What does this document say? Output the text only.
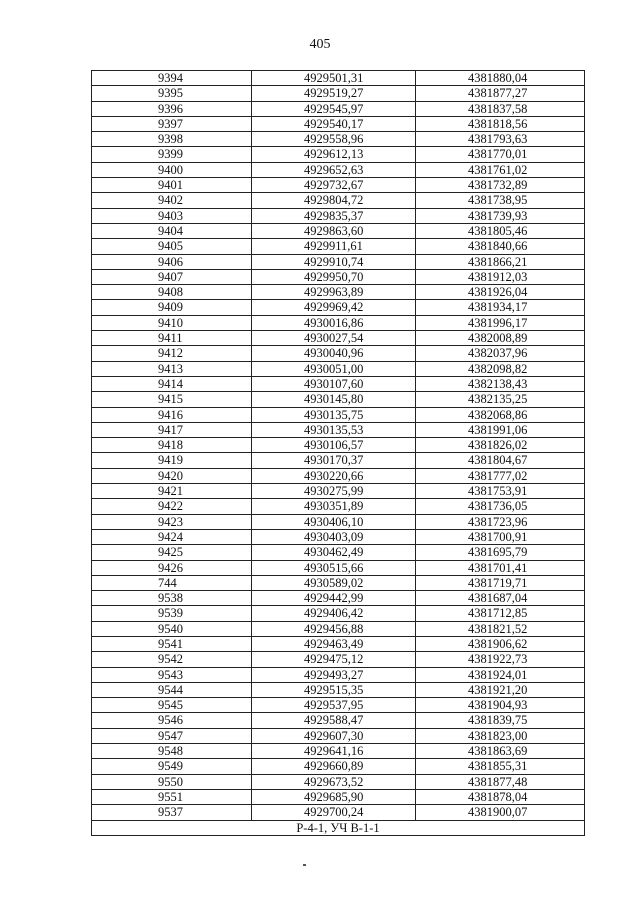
405
9394	4929501,31	4381880,04
9395	4929519,27	4381877,27
9396	4929545,97	4381837,58
9397	4929540,17	4381818,56
9398	4929558,96	4381793,63
9399	4929612,13	4381770,01
9400	4929652,63	4381761,02
9401	4929732,67	4381732,89
9402	4929804,72	4381738,95
9403	4929835,37	4381739,93
9404	4929863,60	4381805,46
9405	4929911,61	4381840,66
9406	4929910,74	4381866,21
9407	4929950,70	4381912,03
9408	4929963,89	4381926,04
9409	4929969,42	4381934,17
9410	4930016,86	4381996,17
9411	4930027,54	4382008,89
9412	4930040,96	4382037,96
9413	4930051,00	4382098,82
9414	4930107,60	4382138,43
9415	4930145,80	4382135,25
9416	4930135,75	4382068,86
9417	4930135,53	4381991,06
9418	4930106,57	4381826,02
9419	4930170,37	4381804,67
9420	4930220,66	4381777,02
9421	4930275,99	4381753,91
9422	4930351,89	4381736,05
9423	4930406,10	4381723,96
9424	4930403,09	4381700,91
9425	4930462,49	4381695,79
9426	4930515,66	4381701,41
744	4930589,02	4381719,71
9538	4929442,99	4381687,04
9539	4929406,42	4381712,85
9540	4929456,88	4381821,52
9541	4929463,49	4381906,62
9542	4929475,12	4381922,73
9543	4929493,27	4381924,01
9544	4929515,35	4381921,20
9545	4929537,95	4381904,93
9546	4929588,47	4381839,75
9547	4929607,30	4381823,00
9548	4929641,16	4381863,69
9549	4929660,89	4381855,31
9550	4929673,52	4381877,48
9551	4929685,90	4381878,04
9537	4929700,24	4381900,07
Р-4-1, УЧ В-1-1		
